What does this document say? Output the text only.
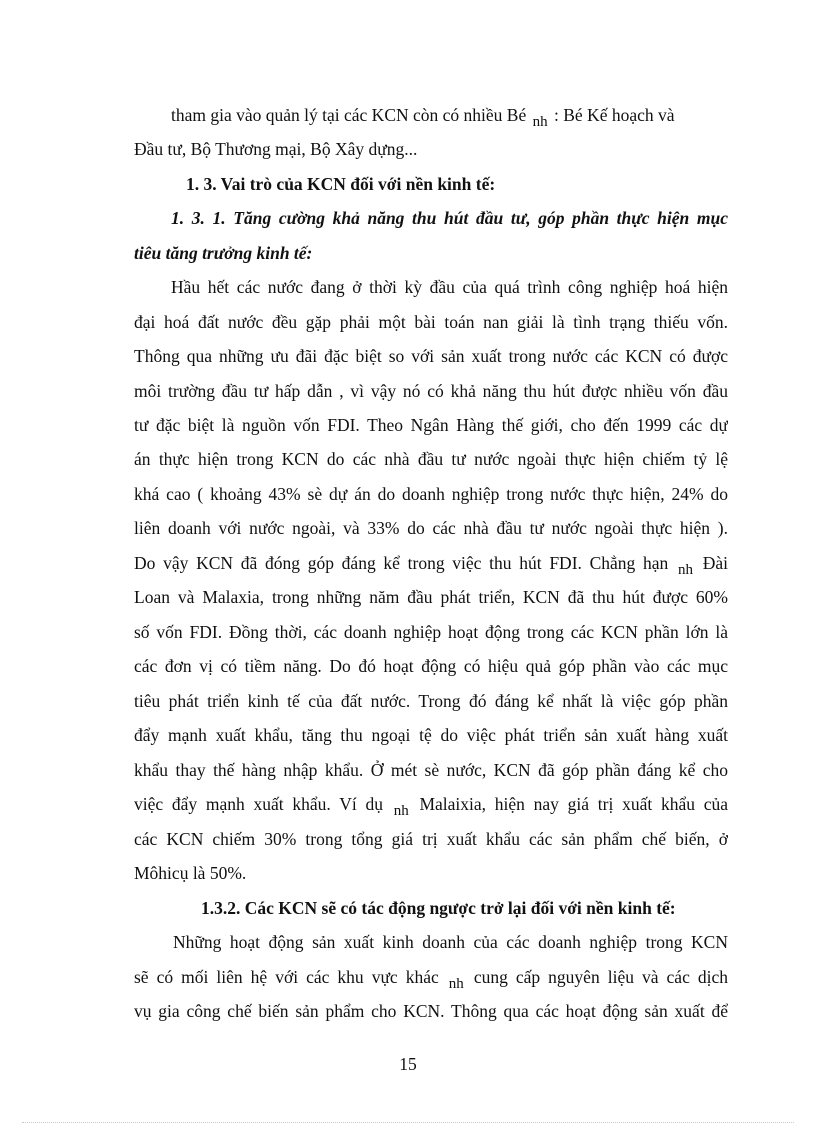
tham gia vào quản lý tại các KCN còn có nhiều Bé nh : Bé Kế hoạch và
Đầu tư, Bộ Thương mại, Bộ Xây dựng...
1. 3. Vai trò của KCN đối với nền kinh tế:
1. 3. 1. Tăng cường khả năng thu hút đầu tư, góp phần thực hiện mục
tiêu tăng trưởng kinh tế:
Hầu hết các nước đang ở thời kỳ đầu của quá trình công nghiệp hoá hiện
đại hoá đất nước đều gặp phải một bài toán nan giải là tình trạng thiếu vốn.
Thông qua những ưu đãi đặc biệt so với sản xuất trong nước các KCN có được
môi trường đầu tư hấp dẫn , vì vậy nó có khả năng thu hút được nhiều vốn đầu
tư đặc biệt là nguồn vốn FDI. Theo Ngân Hàng thế giới, cho đến 1999 các dự
án thực hiện trong KCN do các nhà đầu tư nước ngoài thực hiện chiếm tỷ lệ
khá cao ( khoảng 43% sè dự án do doanh nghiệp trong nước thực hiện, 24% do
liên doanh với nước ngoài, và 33% do các nhà đầu tư nước ngoài thực hiện ).
Do vậy KCN đã đóng góp đáng kể trong việc thu hút FDI. Chẳng hạn nh Đài
Loan và Malaxia, trong những năm đầu phát triển, KCN đã thu hút được 60%
số vốn FDI. Đồng thời, các doanh nghiệp hoạt động trong các KCN phần lớn là
các đơn vị có tiềm năng. Do đó hoạt động có hiệu quả góp phần vào các mục
tiêu phát triển kinh tế của đất nước. Trong đó đáng kể nhất là việc góp phần
đẩy mạnh xuất khẩu, tăng thu ngoại tệ do việc phát triển sản xuất hàng xuất
khẩu thay thế hàng nhập khẩu. Ở mét sè nước, KCN đã góp phần đáng kể cho
việc đẩy mạnh xuất khẩu. Ví dụ nh Malaixia, hiện nay giá trị xuất khẩu của
các KCN chiếm 30% trong tổng giá trị xuất khẩu các sản phẩm chế biến, ở
Môhicụ là 50%.
1.3.2. Các KCN sẽ có tác động ngược trở lại đối với nền kinh tế:
Những hoạt động sản xuất kinh doanh của các doanh nghiệp trong KCN
sẽ có mối liên hệ với các khu vực khác nh cung cấp nguyên liệu và các dịch
vụ gia công chế biến sản phẩm cho KCN. Thông qua các hoạt động sản xuất để
15
